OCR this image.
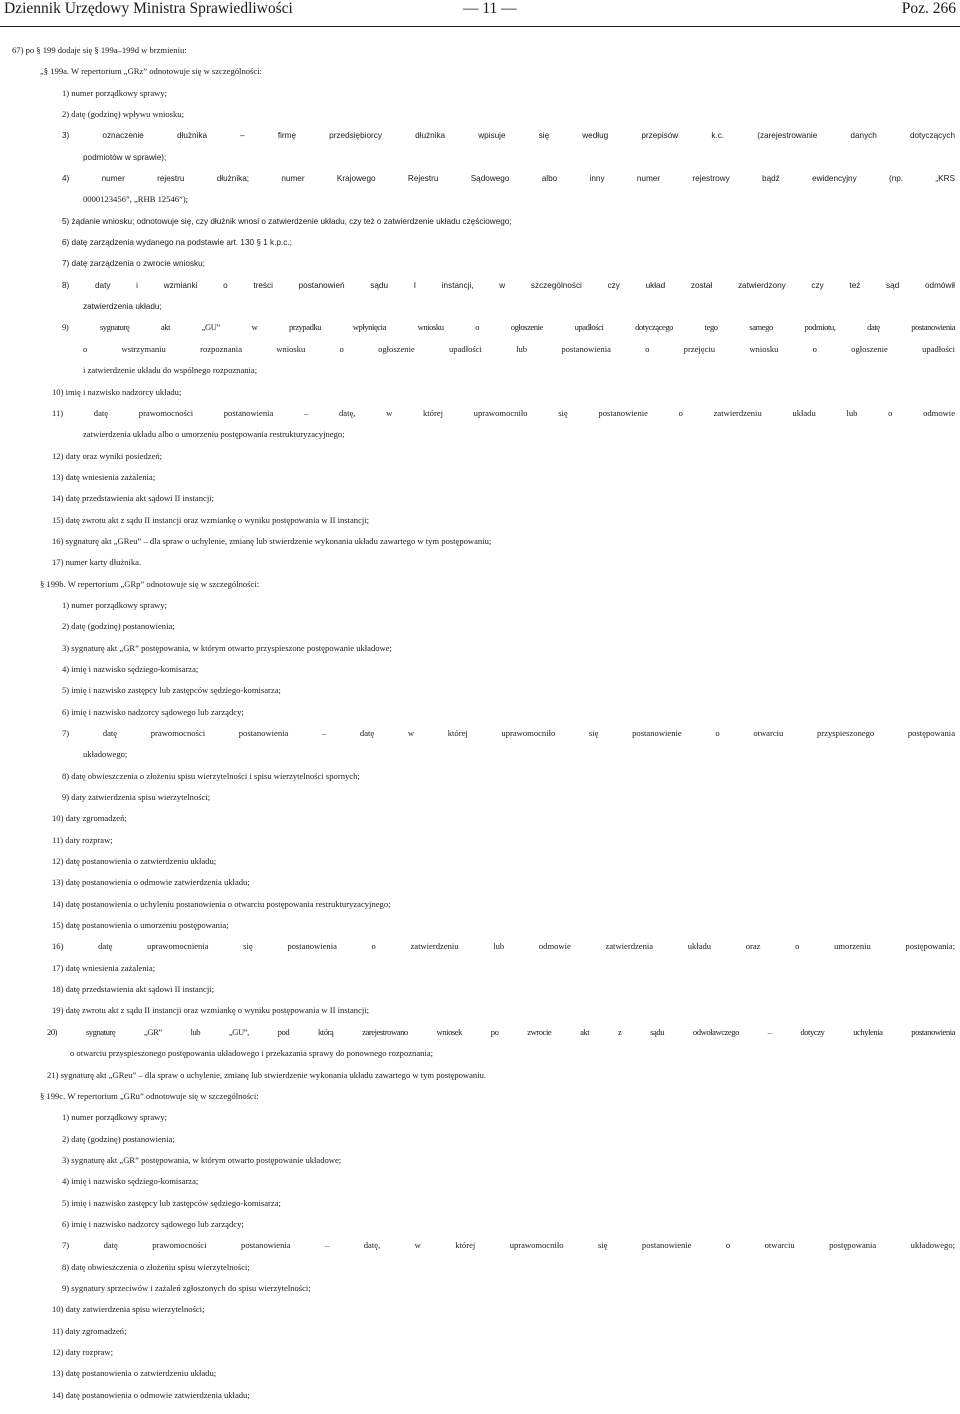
Dziennik Urzędowy Ministra Sprawiedliwości	— 11 —	Poz. 266
67) po § 199 dodaje się § 199a–199d w brzmieniu:
„§ 199a. W repertorium „GRz” odnotowuje się w szczególności:
1) numer porządkowy sprawy;
2) datę (godzinę) wpływu wniosku;
3) oznaczenie dłużnika – firmę przedsiębiorcy dłużnika wpisuje się według przepisów k.c. (zarejestrowanie danych dotyczących
podmiotów w sprawie);
4) numer rejestru dłużnika; numer Krajowego Rejestru Sądowego albo inny numer rejestrowy bądź ewidencyjny (np. „KRS
0000123456”, „RHB 12546”);
5) żądanie wniosku; odnotowuje się, czy dłużnik wnosi o zatwierdzenie układu, czy też o zatwierdzenie układu częściowego;
6) datę zarządzenia wydanego na podstawie art. 130 § 1 k.p.c.;
7) datę zarządzenia o zwrocie wniosku;
8) daty i wzmianki o treści postanowień sądu I instancji, w szczególności czy układ został zatwierdzony czy też sąd odmówił
zatwierdzenia układu;
9) sygnaturę akt „GU” w przypadku wpłynięcia wniosku o ogłoszenie upadłości dotyczącego tego samego podmiotu, datę postanowienia
o wstrzymaniu rozpoznania wniosku o ogłoszenie upadłości lub postanowienia o przejęciu wniosku o ogłoszenie upadłości
i zatwierdzenie układu do wspólnego rozpoznania;
10) imię i nazwisko nadzorcy układu;
11) datę prawomocności postanowienia – datę, w której uprawomocniło się postanowienie o zatwierdzeniu układu lub o odmowie
zatwierdzenia układu albo o umorzeniu postępowania restrukturyzacyjnego;
12) daty oraz wyniki posiedzeń;
13) datę wniesienia zażalenia;
14) datę przedstawienia akt sądowi II instancji;
15) datę zwrotu akt z sądu II instancji oraz wzmiankę o wyniku postępowania w II instancji;
16) sygnaturę akt „GReu” – dla spraw o uchylenie, zmianę lub stwierdzenie wykonania układu zawartego w tym postępowaniu;
17) numer karty dłużnika.
§ 199b. W repertorium „GRp” odnotowuje się w szczególności:
1) numer porządkowy sprawy;
2) datę (godzinę) postanowienia;
3) sygnaturę akt „GR” postępowania, w którym otwarto przyspieszone postępowanie układowe;
4) imię i nazwisko sędziego-komisarza;
5) imię i nazwisko zastępcy lub zastępców sędziego-komisarza;
6) imię i nazwisko nadzorcy sądowego lub zarządcy;
7) datę prawomocności postanowienia – datę w której uprawomocniło się postanowienie o otwarciu przyspieszonego postępowania
układowego;
8) datę obwieszczenia o złożeniu spisu wierzytelności i spisu wierzytelności spornych;
9) daty zatwierdzenia spisu wierzytelności;
10) daty zgromadzeń;
11) daty rozpraw;
12) datę postanowienia o zatwierdzeniu układu;
13) datę postanowienia o odmowie zatwierdzenia układu;
14) datę postanowienia o uchyleniu postanowienia o otwarciu postępowania restrukturyzacyjnego;
15) datę postanowienia o umorzeniu postępowania;
16) datę uprawomocnienia się postanowienia o zatwierdzeniu lub odmowie zatwierdzenia układu oraz o umorzeniu postępowania;
17) datę wniesienia zażalenia;
18) datę przedstawienia akt sądowi II instancji;
19) datę zwrotu akt z sądu II instancji oraz wzmiankę o wyniku postępowania w II instancji;
20) sygnaturę „GR” lub „GU”, pod którą zarejestrowano wniosek po zwrocie akt z sądu odwoławczego – dotyczy uchylenia postanowienia
o otwarciu przyspieszonego postępowania układowego i przekazania sprawy do ponownego rozpoznania;
21) sygnaturę akt „GReu” – dla spraw o uchylenie, zmianę lub stwierdzenie wykonania układu zawartego w tym postępowaniu.
§ 199c. W repertorium „GRu” odnotowuje się w szczególności:
1) numer porządkowy sprawy;
2) datę (godzinę) postanowienia;
3) sygnaturę akt „GR” postępowania, w którym otwarto postępowanie układowe;
4) imię i nazwisko sędziego-komisarza;
5) imię i nazwisko zastępcy lub zastępców sędziego-komisarza;
6) imię i nazwisko nadzorcy sądowego lub zarządcy;
7) datę prawomocności postanowienia – datę, w której uprawomocniło się postanowienie o otwarciu postępowania układowego;
8) datę obwieszczenia o złożeniu spisu wierzytelności;
9) sygnatury sprzeciwów i zażaleń zgłoszonych do spisu wierzytelności;
10) daty zatwierdzenia spisu wierzytelności;
11) daty zgromadzeń;
12) daty rozpraw;
13) datę postanowienia o zatwierdzeniu układu;
14) datę postanowienia o odmowie zatwierdzenia układu;
